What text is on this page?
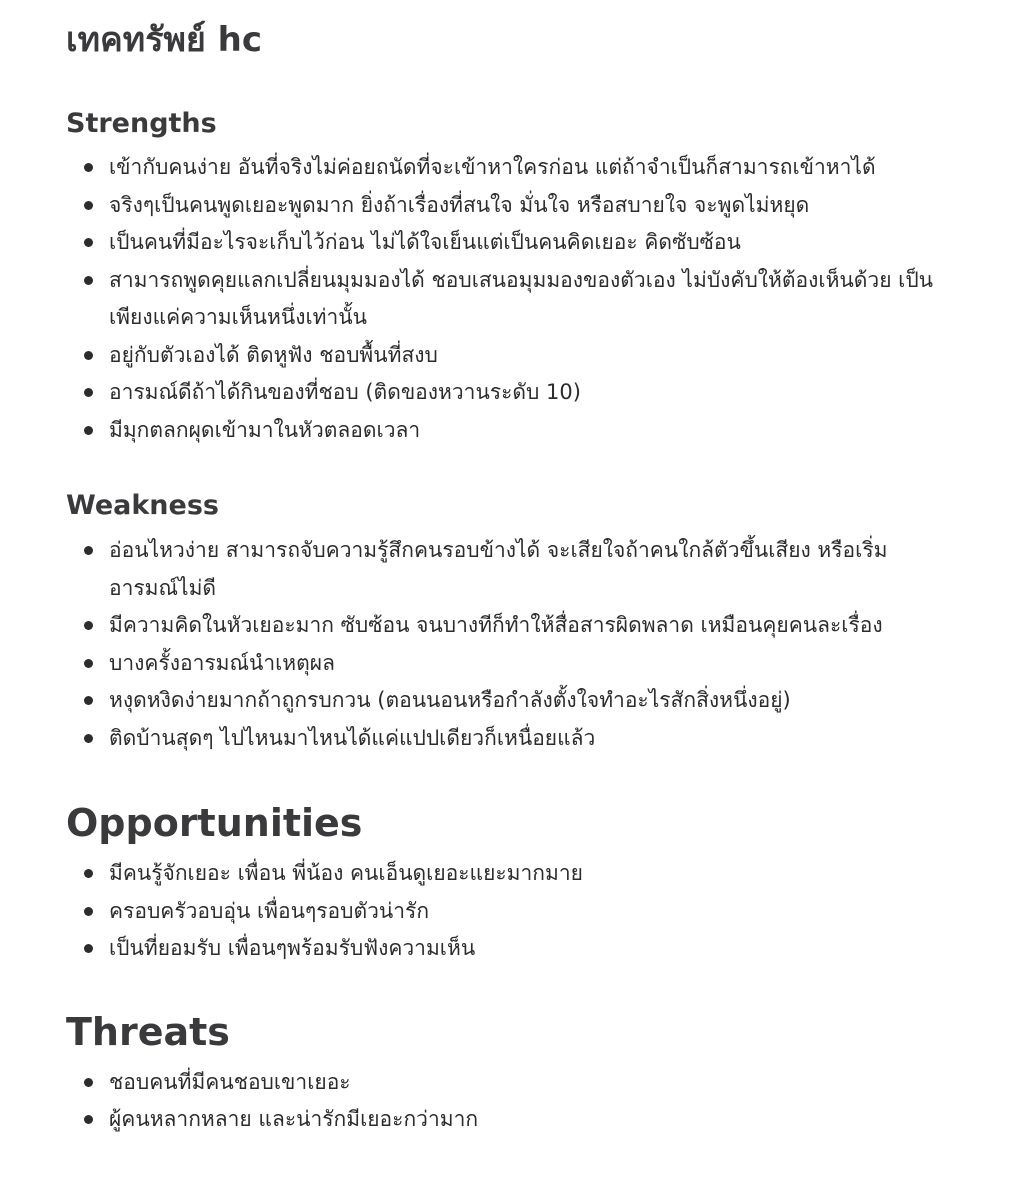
เทคทรัพย์ hc
Strengths
เข้ากับคนง่าย อันที่จริงไม่ค่อยถนัดที่จะเข้าหาใครก่อน แต่ถ้าจำเป็นก็สามารถเข้าหาได้
จริงๆเป็นคนพูดเยอะพูดมาก ยิ่งถ้าเรื่องที่สนใจ มั่นใจ หรือสบายใจ จะพูดไม่หยุด
เป็นคนที่มีอะไรจะเก็บไว้ก่อน ไม่ได้ใจเย็นแต่เป็นคนคิดเยอะ คิดซับซ้อน
สามารถพูดคุยแลกเปลี่ยนมุมมองได้ ชอบเสนอมุมมองของตัวเอง ไม่บังคับให้ต้องเห็นด้วย เป็นเพียงแค่ความเห็นหนึ่งเท่านั้น
อยู่กับตัวเองได้ ติดหูฟัง ชอบพื้นที่สงบ
อารมณ์ดีถ้าได้กินของที่ชอบ (ติดของหวานระดับ 10)
มีมุกตลกผุดเข้ามาในหัวตลอดเวลา
Weakness
อ่อนไหวง่าย สามารถจับความรู้สึกคนรอบข้างได้ จะเสียใจถ้าคนใกล้ตัวขึ้นเสียง หรือเริ่มอารมณ์ไม่ดี
มีความคิดในหัวเยอะมาก ซับซ้อน จนบางทีก็ทำให้สื่อสารผิดพลาด เหมือนคุยคนละเรื่อง
บางครั้งอารมณ์นำเหตุผล
หงุดหงิดง่ายมากถ้าถูกรบกวน (ตอนนอนหรือกำลังตั้งใจทำอะไรสักสิ่งหนึ่งอยู่)
ติดบ้านสุดๆ ไปไหนมาไหนได้แค่แปปเดียวก็เหนื่อยแล้ว
Opportunities
มีคนรู้จักเยอะ เพื่อน พี่น้อง คนเอ็นดูเยอะแยะมากมาย
ครอบครัวอบอุ่น เพื่อนๆรอบตัวน่ารัก
เป็นที่ยอมรับ เพื่อนๆพร้อมรับฟังความเห็น
Threats
ชอบคนที่มีคนชอบเขาเยอะ
ผู้คนหลากหลาย และน่ารักมีเยอะกว่ามาก
